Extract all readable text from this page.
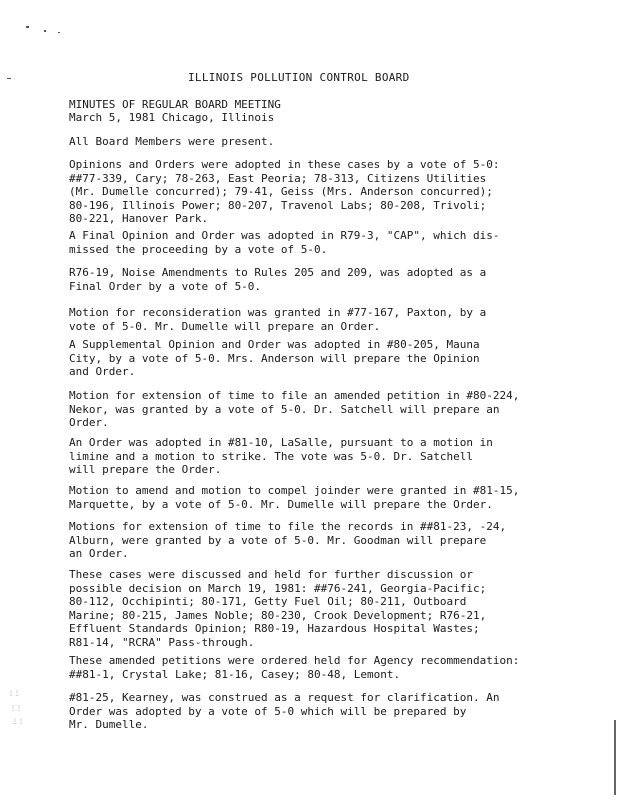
⋮⋮
⋮⋮
⋮⋮
ILLINOIS POLLUTION CONTROL BOARD
MINUTES OF REGULAR BOARD MEETING
March 5, 1981 Chicago, Illinois
All Board Members were present.
Opinions and Orders were adopted in these cases by a vote of 5-0:
##77-339, Cary; 78-263, East Peoria; 78-313, Citizens Utilities
(Mr. Dumelle concurred); 79-41, Geiss (Mrs. Anderson concurred);
80-196, Illinois Power; 80-207, Travenol Labs; 80-208, Trivoli;
80-221, Hanover Park.
A Final Opinion and Order was adopted in R79-3, "CAP", which dis-
missed the proceeding by a vote of 5-0.
R76-19, Noise Amendments to Rules 205 and 209, was adopted as a
Final Order by a vote of 5-0.
Motion for reconsideration was granted in #77-167, Paxton, by a
vote of 5-0. Mr. Dumelle will prepare an Order.
A Supplemental Opinion and Order was adopted in #80-205, Mauna
City, by a vote of 5-0. Mrs. Anderson will prepare the Opinion
and Order.
Motion for extension of time to file an amended petition in #80-224,
Nekor, was granted by a vote of 5-0. Dr. Satchell will prepare an
Order.
An Order was adopted in #81-10, LaSalle, pursuant to a motion in
limine and a motion to strike. The vote was 5-0. Dr. Satchell
will prepare the Order.
Motion to amend and motion to compel joinder were granted in #81-15,
Marquette, by a vote of 5-0. Mr. Dumelle will prepare the Order.
Motions for extension of time to file the records in ##81-23, -24,
Alburn, were granted by a vote of 5-0. Mr. Goodman will prepare
an Order.
These cases were discussed and held for further discussion or
possible decision on March 19, 1981: ##76-241, Georgia-Pacific;
80-112, Occhipinti; 80-171, Getty Fuel Oil; 80-211, Outboard
Marine; 80-215, James Noble; 80-230, Crook Development; R76-21,
Effluent Standards Opinion; R80-19, Hazardous Hospital Wastes;
R81-14, "RCRA" Pass-through.
These amended petitions were ordered held for Agency recommendation:
##81-1, Crystal Lake; 81-16, Casey; 80-48, Lemont.
#81-25, Kearney, was construed as a request for clarification. An
Order was adopted by a vote of 5-0 which will be prepared by
Mr. Dumelle.
